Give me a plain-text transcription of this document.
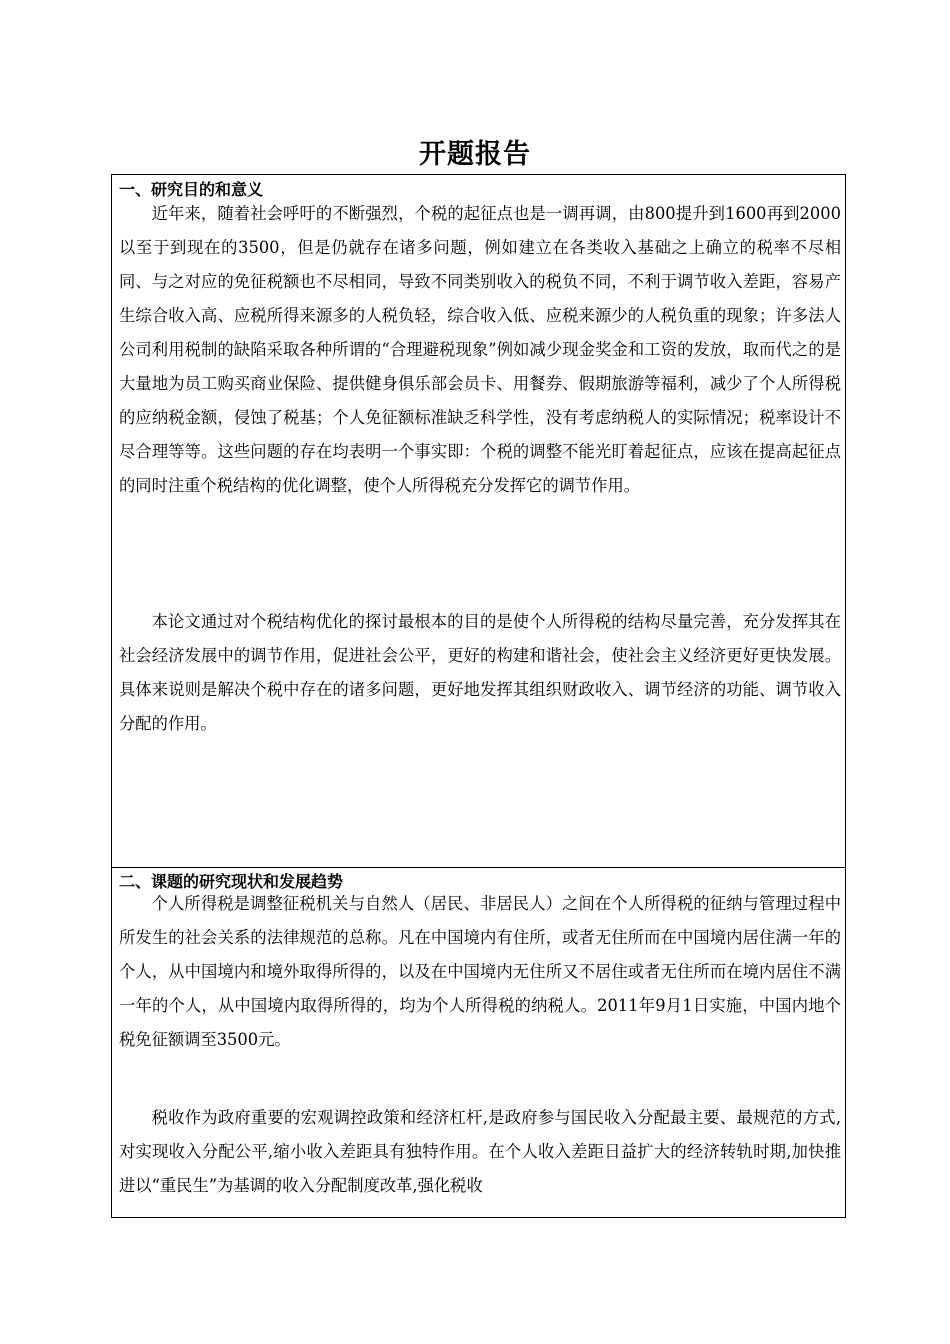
开题报告
一、研究目的和意义

近年来，随着社会呼吁的不断强烈，个税的起征点也是一调再调，由800提升到1600再到2000以至于到现在的3500，但是仍就存在诸多问题，例如建立在各类收入基础之上确立的税率不尽相同、与之对应的免征税额也不尽相同，导致不同类别收入的税负不同，不利于调节收入差距，容易产生综合收入高、应税所得来源多的人税负轻，综合收入低、应税来源少的人税负重的现象；许多法人公司利用税制的缺陷采取各种所谓的“合理避税现象”例如减少现金奖金和工资的发放，取而代之的是大量地为员工购买商业保险、提供健身俱乐部会员卡、用餐券、假期旅游等福利，减少了个人所得税的应纳税金额，侵蚀了税基；个人免征额标准缺乏科学性，没有考虑纳税人的实际情况；税率设计不尽合理等等。这些问题的存在均表明一个事实即：个税的调整不能光盯着起征点，应该在提高起征点的同时注重个税结构的优化调整，使个人所得税充分发挥它的调节作用。

本论文通过对个税结构优化的探讨最根本的目的是使个人所得税的结构尽量完善，充分发挥其在社会经济发展中的调节作用，促进社会公平，更好的构建和谐社会，使社会主义经济更好更快发展。具体来说则是解决个税中存在的诸多问题，更好地发挥其组织财政收入、调节经济的功能、调节收入分配的作用。

二、课题的研究现状和发展趋势

个人所得税是调整征税机关与自然人（居民、非居民人）之间在个人所得税的征纳与管理过程中所发生的社会关系的法律规范的总称。凡在中国境内有住所，或者无住所而在中国境内居住满一年的个人，从中国境内和境外取得所得的，以及在中国境内无住所又不居住或者无住所而在境内居住不满一年的个人，从中国境内取得所得的，均为个人所得税的纳税人。2011年9月1日实施，中国内地个税免征额调至3500元。

税收作为政府重要的宏观调控政策和经济杠杆,是政府参与国民收入分配最主要、最规范的方式,对实现收入分配公平,缩小收入差距具有独特作用。在个人收入差距日益扩大的经济转轨时期,加快推进以“重民生”为基调的收入分配制度改革,强化税收
